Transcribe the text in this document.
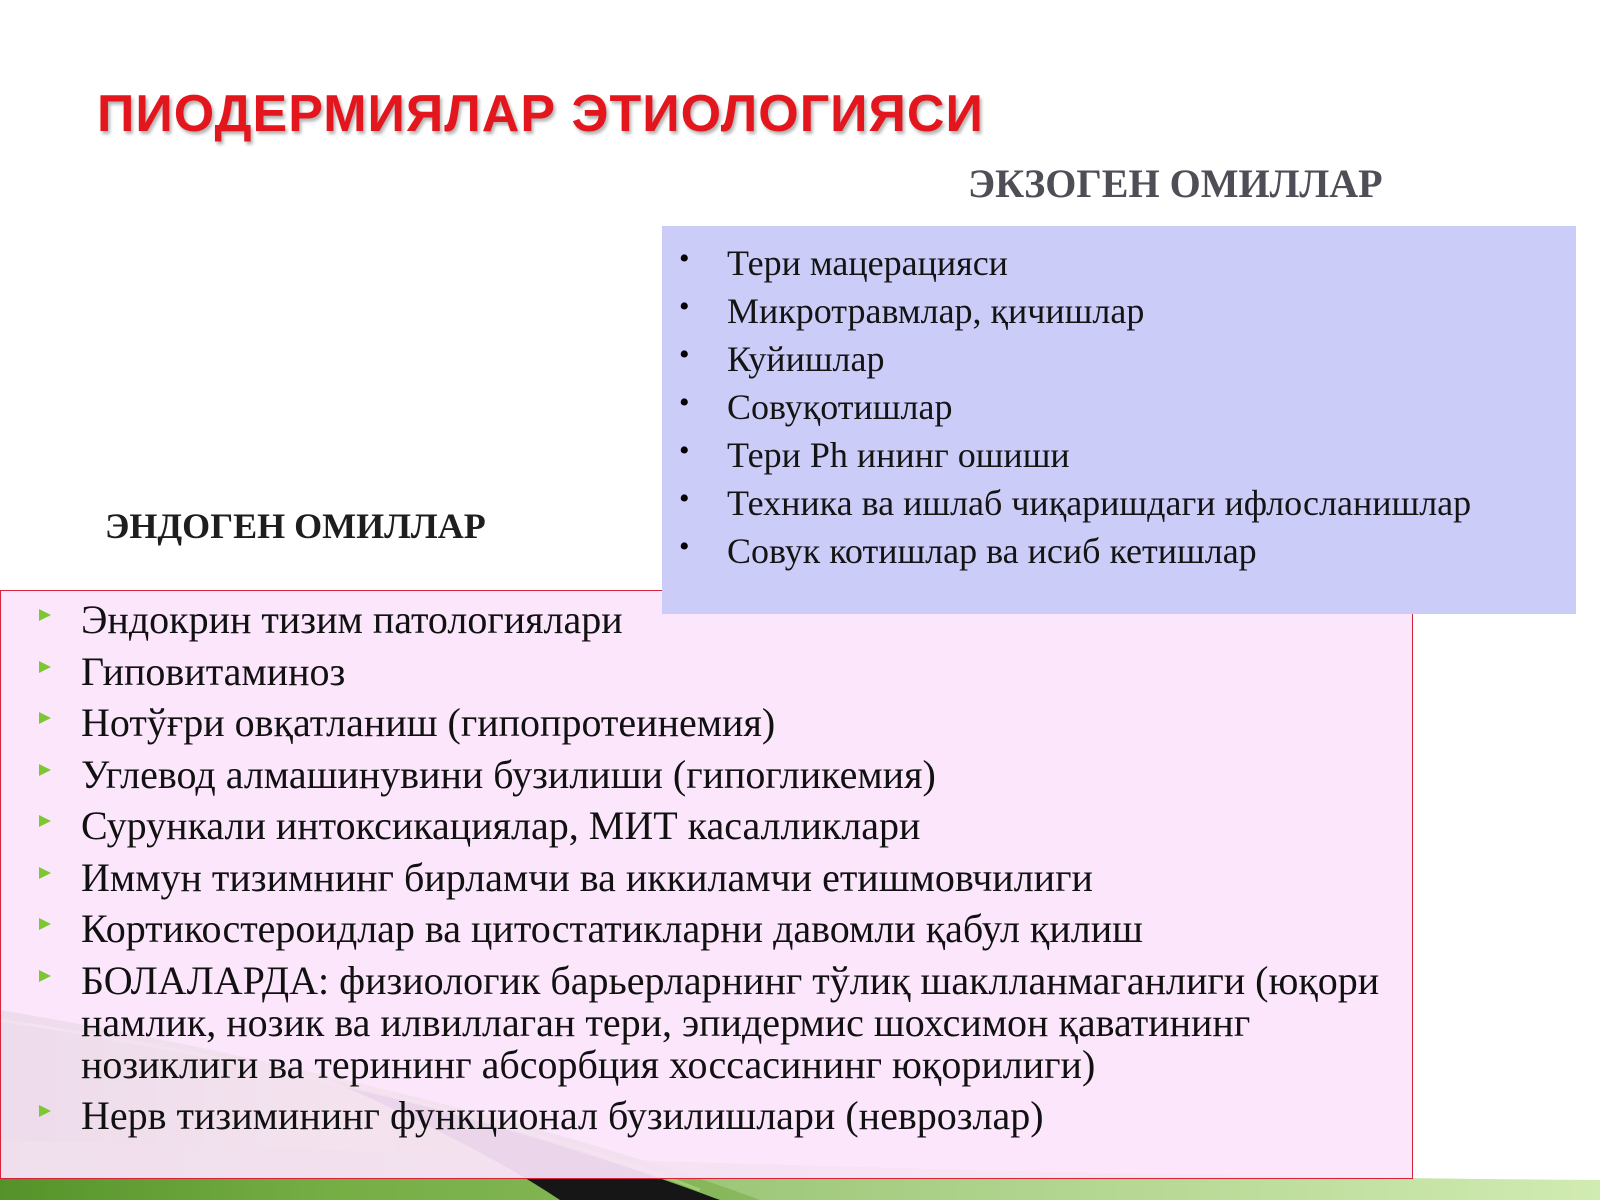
ПИОДЕРМИЯЛАР ЭТИОЛОГИЯСИ
ЭКЗОГЕН ОМИЛЛАР
ЭНДОГЕН ОМИЛЛАР
Эндокрин тизим патологиялари
Гиповитаминоз
Нотўғри овқатланиш (гипопротеинемия)
Углевод алмашинувини бузилиши (гипогликемия)
Сурункали интоксикациялар, МИТ касалликлари
Иммун тизимнинг бирламчи ва иккиламчи етишмовчилиги
Кортикостероидлар ва цитостатикларни давомли қабул қилиш
БОЛАЛАРДА: физиологик барьерларнинг тўлиқ шаклланмаганлиги (юқори намлик, нозик ва илвиллаган тери, эпидермис шохсимон қаватининг нозиклиги ва терининг абсорбция хоссасининг юқорилиги)
Нерв тизимининг функционал бузилишлари (неврозлар)
• Тери мацерацияси
• Микротравмлар, қичишлар
• Куйишлар
• Совуқотишлар
• Тери Ph ининг ошиши
• Техника ва ишлаб чиқаришдаги ифлосланишлар
• Совук котишлар ва исиб кетишлар
